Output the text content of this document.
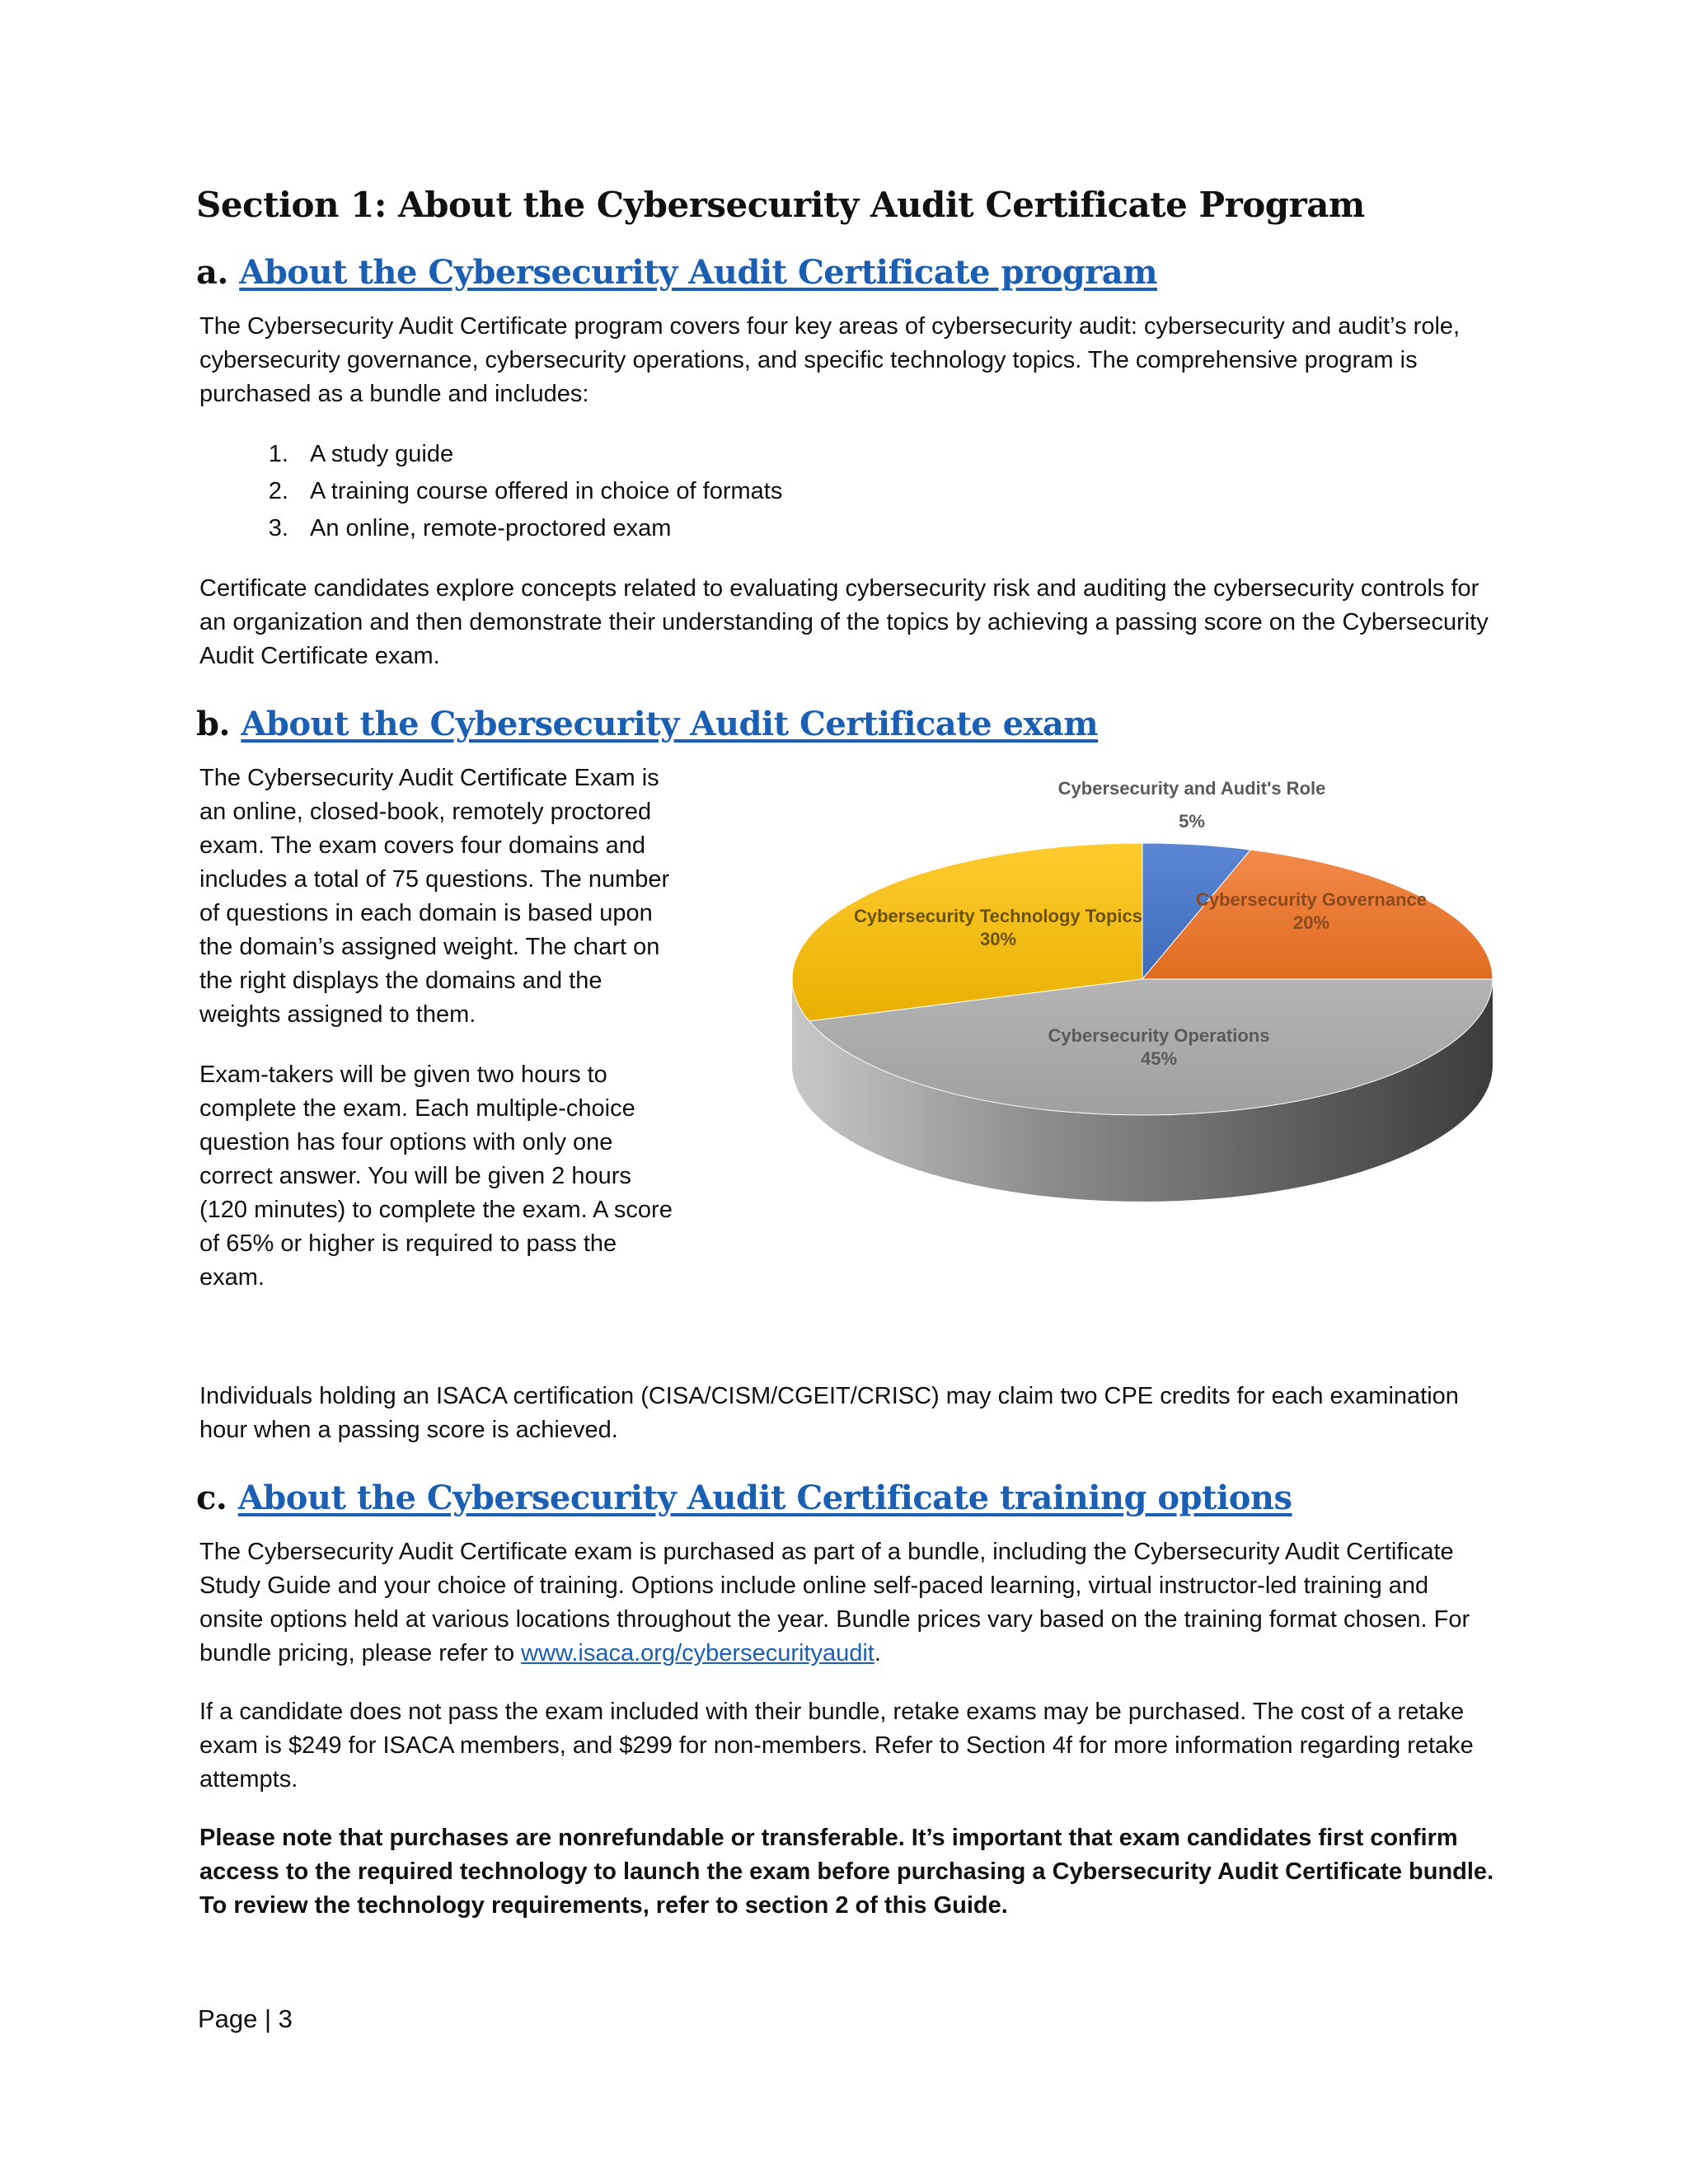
Section 1: About the Cybersecurity Audit Certificate Program
a. About the Cybersecurity Audit Certificate program

The Cybersecurity Audit Certificate program covers four key areas of cybersecurity audit: cybersecurity and audit’s role, cybersecurity governance, cybersecurity operations, and specific technology topics. The comprehensive program is purchased as a bundle and includes:

1. A study guide
2. A training course offered in choice of formats
3. An online, remote-proctored exam

Certificate candidates explore concepts related to evaluating cybersecurity risk and auditing the cybersecurity controls for an organization and then demonstrate their understanding of the topics by achieving a passing score on the Cybersecurity Audit Certificate exam.

b. About the Cybersecurity Audit Certificate exam

The Cybersecurity Audit Certificate Exam is an online, closed-book, remotely proctored exam. The exam covers four domains and includes a total of 75 questions. The number of questions in each domain is based upon the domain’s assigned weight. The chart on the right displays the domains and the weights assigned to them.

Exam-takers will be given two hours to complete the exam. Each multiple-choice question has four options with only one correct answer. You will be given 2 hours (120 minutes) to complete the exam. A score of 65% or higher is required to pass the exam.

Cybersecurity and Audit's Role
5%
Cybersecurity Governance
20%
Cybersecurity Operations
45%
Cybersecurity Technology Topics
30%

Individuals holding an ISACA certification (CISA/CISM/CGEIT/CRISC) may claim two CPE credits for each examination hour when a passing score is achieved.

c. About the Cybersecurity Audit Certificate training options

The Cybersecurity Audit Certificate exam is purchased as part of a bundle, including the Cybersecurity Audit Certificate Study Guide and your choice of training. Options include online self-paced learning, virtual instructor-led training and onsite options held at various locations throughout the year. Bundle prices vary based on the training format chosen. For bundle pricing, please refer to www.isaca.org/cybersecurityaudit.

If a candidate does not pass the exam included with their bundle, retake exams may be purchased. The cost of a retake exam is $249 for ISACA members, and $299 for non-members. Refer to Section 4f for more information regarding retake attempts.

Please note that purchases are nonrefundable or transferable. It’s important that exam candidates first confirm access to the required technology to launch the exam before purchasing a Cybersecurity Audit Certificate bundle. To review the technology requirements, refer to section 2 of this Guide.

Page | 3
